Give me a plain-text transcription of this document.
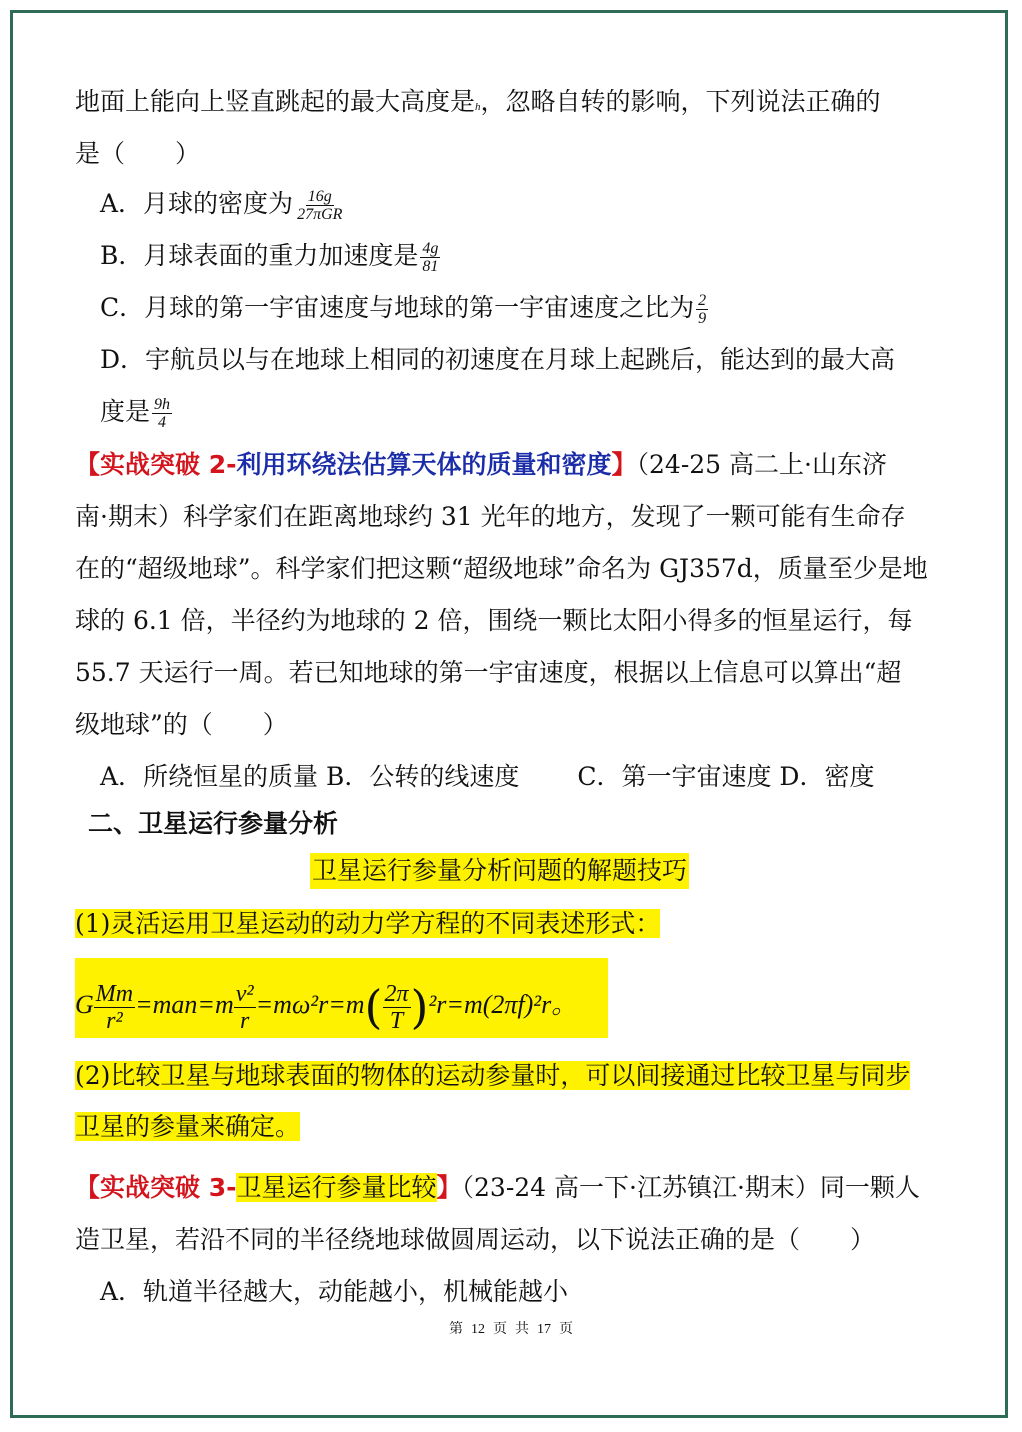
地面上能向上竖直跳起的最大高度是h，忽略自转的影响，下列说法正确的
是（　　）
A．月球的密度为 $\frac{16g}{\text{27πGR}}$
B．月球表面的重力加速度是 $\frac{4g}{81}$
C．月球的第一宇宙速度与地球的第一宇宙速度之比为 $\frac{2}{9}$
D．宇航员以与在地球上相同的初速度在月球上起跳后，能达到的最大高
度是 $\frac{9h}{4}$
【实战突破 2-利用环绕法估算天体的质量和密度】（24-25 高二上·山东济
南·期末）科学家们在距离地球约 31 光年的地方，发现了一颗可能有生命存
在的“超级地球”。科学家们把这颗“超级地球”命名为 GJ357d，质量至少是地
球的 6.1 倍，半径约为地球的 2 倍，围绕一颗比太阳小得多的恒星运行，每
55.7 天运行一周。若已知地球的第一宇宙速度，根据以上信息可以算出“超
级地球”的（　　）
A．所绕恒星的质量 B．公转的线速度　　 C．第一宇宙速度 D．密度
二、卫星运行参量分析
卫星运行参量分析问题的解题技巧
(1)灵活运用卫星运动的动力学方程的不同表述形式：
G $\frac{Mm}{\text{r²}} =man=m \frac{\text{v²}}{r} =m\omega^2r=m( \frac{2\pi}{T} )^2r=m(2\pi f)^2r$。
(2)比较卫星与地球表面的物体的运动参量时，可以间接通过比较卫星与同步
卫星的参量来确定。
【实战突破 3-卫星运行参量比较】（23-24 高一下·江苏镇江·期末）同一颗人
造卫星，若沿不同的半径绕地球做圆周运动，以下说法正确的是（　　）
A．轨道半径越大，动能越小，机械能越小
第 12 页 共 17 页
